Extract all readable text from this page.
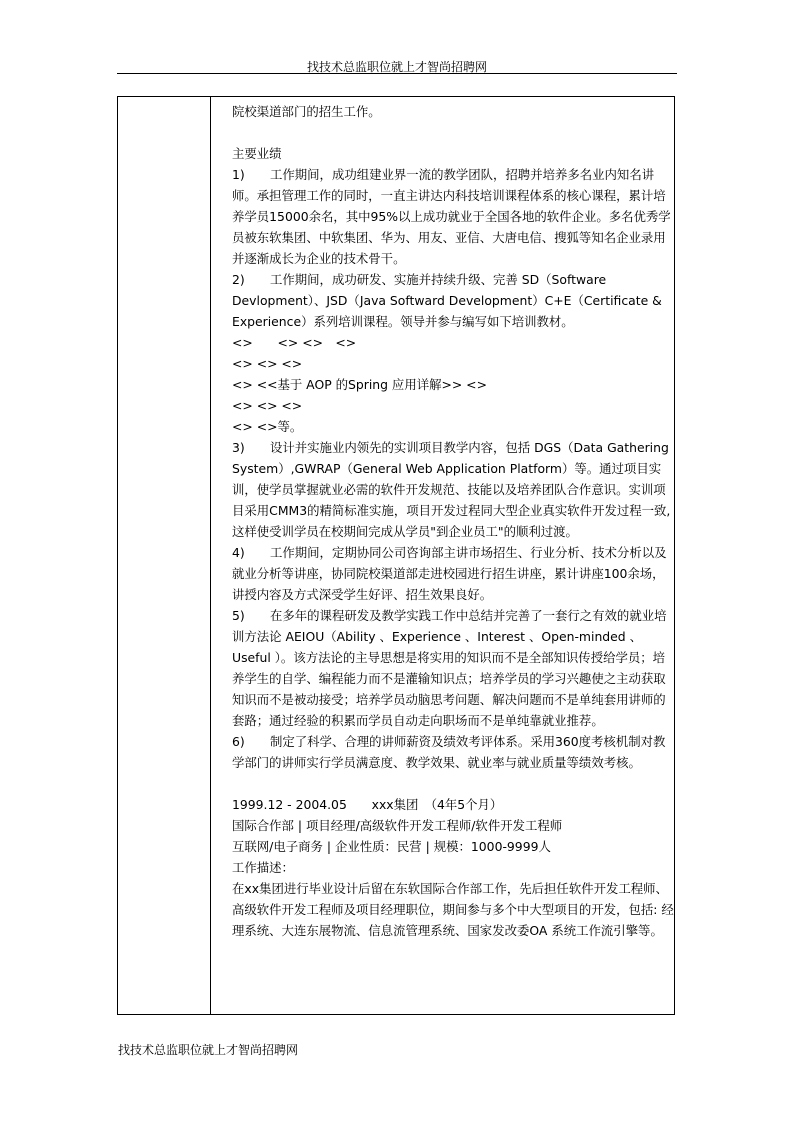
找技术总监职位就上才智尚招聘网

院校渠道部门的招生工作。

主要业绩

1) 工作期间，成功组建业界一流的教学团队，招聘并培养多名业内知名讲师。承担管理工作的同时，一直主讲达内科技培训课程体系的核心课程，累计培养学员15000余名，其中95%以上成功就业于全国各地的软件企业。多名优秀学员被东软集团、中软集团、华为、用友、亚信、大唐电信、搜狐等知名企业录用并逐渐成长为企业的技术骨干。

2) 工作期间，成功研发、实施并持续升级、完善 SD（Software Devlopment）、JSD（Java Softward Development）C+E（Certificate & Experience）系列培训课程。领导并参与编写如下培训教材。

<>　　<> <>　<>

<> <> <>

<> <<基于 AOP 的Spring 应用详解>> <>

<> <> <>

<> <>等。

3) 设计并实施业内领先的实训项目教学内容，包括 DGS（Data Gathering System）,GWRAP（General Web Application Platform）等。通过项目实训，使学员掌握就业必需的软件开发规范、技能以及培养团队合作意识。实训项目采用CMM3的精简标准实施，项目开发过程同大型企业真实软件开发过程一致,这样使受训学员在校期间完成从学员"到企业员工"的顺利过渡。

4) 工作期间，定期协同公司咨询部主讲市场招生、行业分析、技术分析以及就业分析等讲座，协同院校渠道部走进校园进行招生讲座，累计讲座100余场，讲授内容及方式深受学生好评、招生效果良好。

5) 在多年的课程研发及教学实践工作中总结并完善了一套行之有效的就业培训方法论 AEIOU（Ability 、Experience 、Interest 、Open-minded 、Useful ）。该方法论的主导思想是将实用的知识而不是全部知识传授给学员；培养学生的自学、编程能力而不是灌输知识点；培养学员的学习兴趣使之主动获取知识而不是被动接受；培养学员动脑思考问题、解决问题而不是单纯套用讲师的套路；通过经验的积累而学员自动走向职场而不是单纯靠就业推荐。

6) 制定了科学、合理的讲师薪资及绩效考评体系。采用360度考核机制对教学部门的讲师实行学员满意度、教学效果、就业率与就业质量等绩效考核。

1999.12 - 2004.05　　xxx集团　（4年5个月）

国际合作部 | 项目经理/高级软件开发工程师/软件开发工程师

互联网/电子商务 | 企业性质：民营 | 规模：1000-9999人

工作描述：

在xx集团进行毕业设计后留在东软国际合作部工作，先后担任软件开发工程师、高级软件开发工程师及项目经理职位，期间参与多个中大型项目的开发，包括: 经理系统、大连东展物流、信息流管理系统、国家发改委OA 系统工作流引擎等。

找技术总监职位就上才智尚招聘网
